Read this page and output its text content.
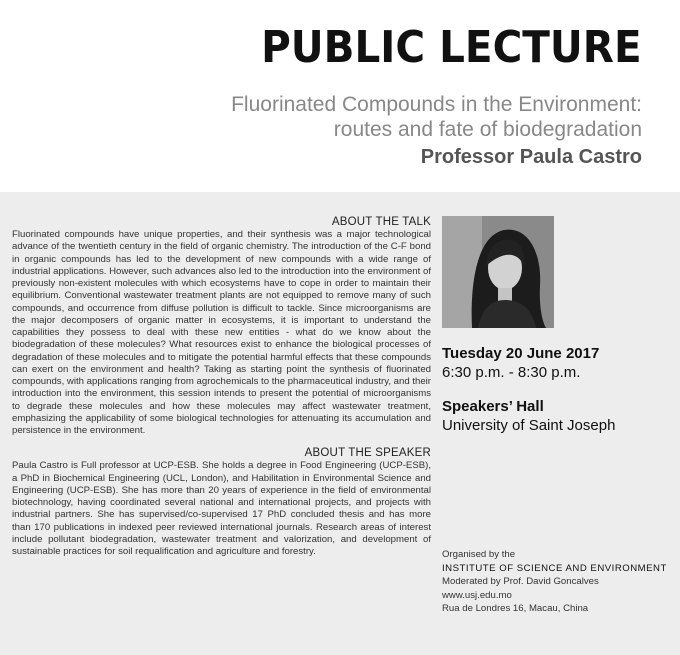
PUBLIC LECTURE
Fluorinated Compounds in the Environment:
routes and fate of biodegradation
Professor Paula Castro
ABOUT THE TALK

Fluorinated compounds have unique properties, and their synthesis was a major technological advance of the twentieth century in the field of organic chemistry. The introduction of the C-F bond in organic compounds has led to the development of new compounds with a wide range of industrial applications. However, such advances also led to the introduction into the environment of previously non-existent molecules with which ecosystems have to cope in order to maintain their equilibrium. Conventional wastewater treatment plants are not equipped to remove many of such compounds, and occurrence from diffuse pollution is difficult to tackle. Since microorganisms are the major decomposers of organic matter in ecosystems, it is important to understand the capabilities they possess to deal with these new entities - what do we know about the biodegradation of these molecules? What resources exist to enhance the biological processes of degradation of these molecules and to mitigate the potential harmful effects that these compounds can exert on the environment and health? Taking as starting point the synthesis of fluorinated compounds, with applications ranging from agrochemicals to the pharmaceutical industry, and their introduction into the environment, this session intends to present the potential of microorganisms to degrade these molecules and how these molecules may affect wastewater treatment, emphasizing the applicability of some biological technologies for attenuating its accumulation and persistence in the environment.

ABOUT THE SPEAKER

Paula Castro is Full professor at UCP-ESB. She holds a degree in Food Engineering (UCP-ESB), a PhD in Biochemical Engineering (UCL, London), and Habilitation in Environmental Science and Engineering (UCP-ESB). She has more than 20 years of experience in the field of environmental biotechnology, having coordinated several national and international projects, and projects with industrial partners. She has supervised/co-supervised 17 PhD concluded thesis and has more than 170 publications in indexed peer reviewed international journals. Research areas of interest include pollutant biodegradation, wastewater treatment and valorization, and development of sustainable practices for soil requalification and agriculture and forestry.

Tuesday 20 June 2017
6:30 p.m. - 8:30 p.m.
Speakers’ Hall
University of Saint Joseph
Organised by the
INSTITUTE OF SCIENCE AND ENVIRONMENT
Moderated by Prof. David Goncalves
www.usj.edu.mo
Rua de Londres 16, Macau, China
